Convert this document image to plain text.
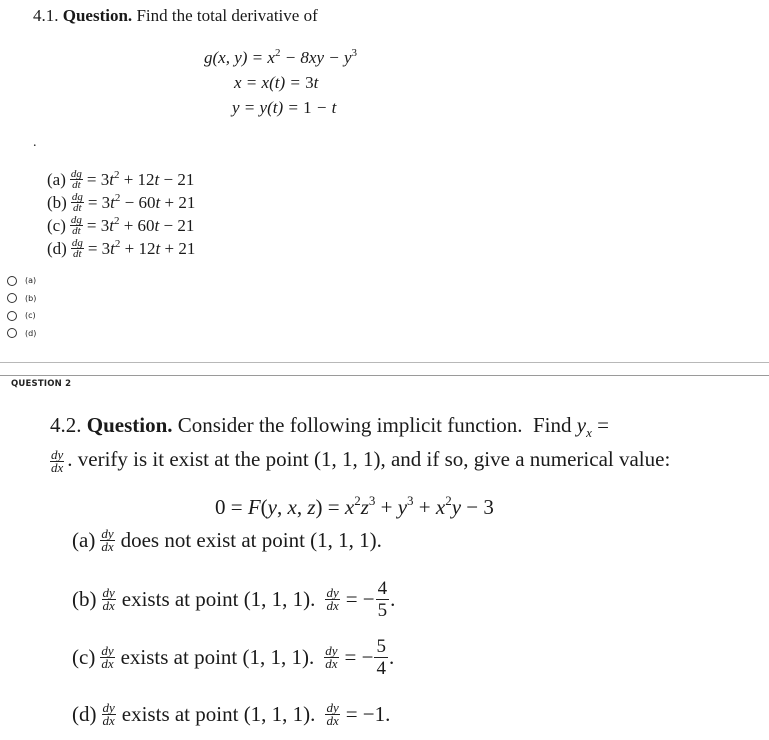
4.1. Question. Find the total derivative of
g(x, $y) = x^2 - 8xy - y^3$
x = x(t) = 3t
y = y(t) = 1 − t
.
$(a) \frac{dg}{dt} = 3t^2 + 12t - 21$
$(b) \frac{dg}{dt} = 3t^2 - 60t + 21$
$(c) \frac{dg}{dt} = 3t^2 + 60t - 21$
$(d) \frac{dg}{dt} = 3t^2 + 12t + 21$
(a)
(b)
(c)
(d)
QUESTION 2
4.2. Question. Consider the following implicit function.  Find $y_x$ =

$\frac{dy}{dx}$ . verify is it exist at the point (1, 1, 1), and if so, give a numerical value:
0 = F(y, x, $z) = x^2z^3 + y^3 + x^2y - 3$
$(a) \frac{dy}{dx}$ does not exist at point (1, 1, 1).
$(b) \frac{dy}{dx}$ exists at point (1, 1, 1). $\frac{dy}{dx}$ = − $\frac{4}{5}$ .
$(c) \frac{dy}{dx}$ exists at point (1, 1, 1). $\frac{dy}{dx}$ = − $\frac{5}{4}$ .
$(d) \frac{dy}{dx}$ exists at point (1, 1, 1). $\frac{dy}{dx} = -1$.
